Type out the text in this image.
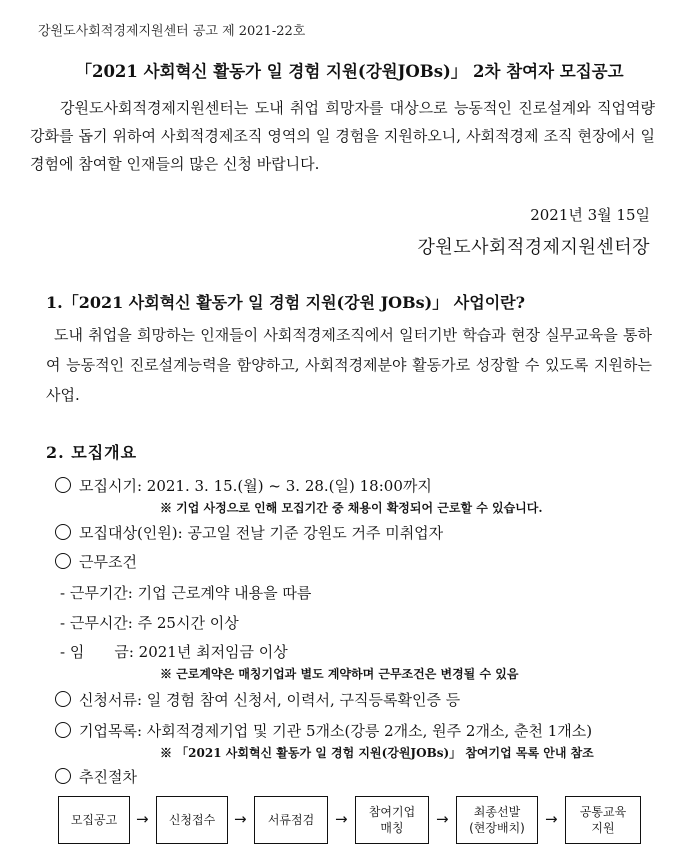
강원도사회적경제지원센터 공고 제 2021-22호
「2021 사회혁신 활동가 일 경험 지원(강원JOBs)」 2차 참여자 모집공고
강원도사회적경제지원센터는 도내 취업 희망자를 대상으로 능동적인 진로설계와 직업역량 강화를 돕기 위하여 사회적경제조직 영역의 일 경험을 지원하오니, 사회적경제 조직 현장에서 일 경험에 참여할 인재들의 많은 신청 바랍니다.
2021년 3월 15일
강원도사회적경제지원센터장
1.「2021 사회혁신 활동가 일 경험 지원(강원 JOBs)」 사업이란?
도내 취업을 희망하는 인재들이 사회적경제조직에서 일터기반 학습과 현장 실무교육을 통하여 능동적인 진로설계능력을 함양하고, 사회적경제분야 활동가로 성장할 수 있도록 지원하는 사업.
2. 모집개요
모집시기: 2021. 3. 15.(월) ~ 3. 28.(일) 18:00까지
※ 기업 사정으로 인해 모집기간 중 채용이 확정되어 근로할 수 있습니다.
모집대상(인원): 공고일 전날 기준 강원도 거주 미취업자
근무조건
- 근무기간: 기업 근로계약 내용을 따름
- 근무시간: 주 25시간 이상
- 임　　금: 2021년 최저임금 이상
※ 근로계약은 매칭기업과 별도 계약하며 근무조건은 변경될 수 있음
신청서류: 일 경험 참여 신청서, 이력서, 구직등록확인증 등
기업목록: 사회적경제기업 및 기관 5개소(강릉 2개소, 원주 2개소, 춘천 1개소)
※ 「2021 사회혁신 활동가 일 경험 지원(강원JOBs)」 참여기업 목록 안내 참조
추진절차
모집공고 → 신청접수 → 서류점검 → 참여기업
매칭	→	최종선발
(현장배치) → 공통교육
지원
